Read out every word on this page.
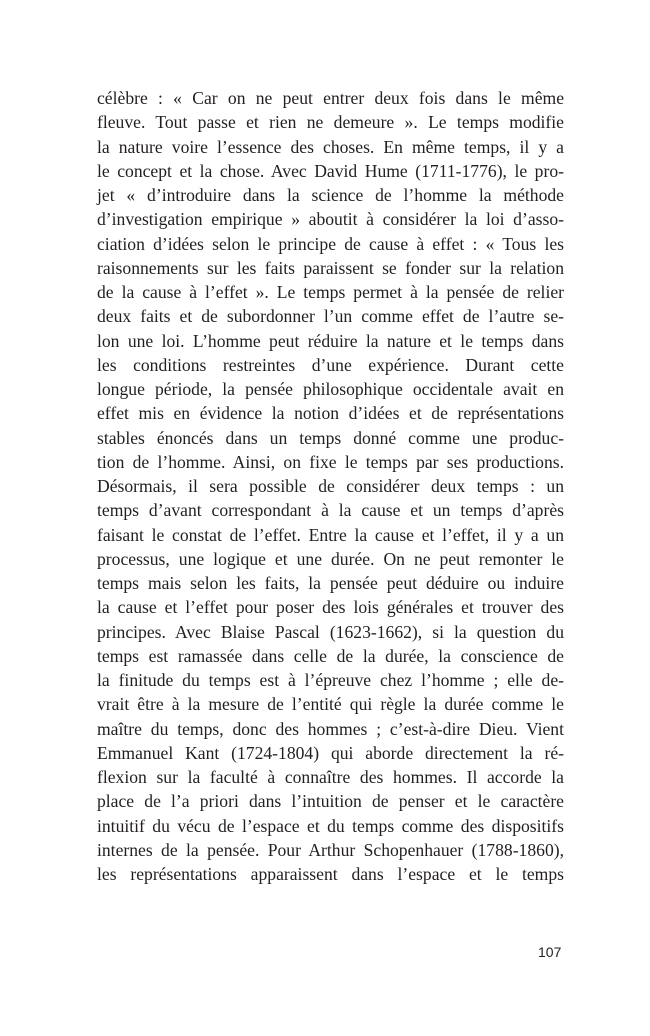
célèbre : « Car on ne peut entrer deux fois dans le même
fleuve. Tout passe et rien ne demeure ». Le temps modifie
la nature voire l’essence des choses. En même temps, il y a
le concept et la chose. Avec David Hume (1711-1776), le pro-
jet « d’introduire dans la science de l’homme la méthode
d’investigation empirique » aboutit à considérer la loi d’asso-
ciation d’idées selon le principe de cause à effet : « Tous les
raisonnements sur les faits paraissent se fonder sur la relation
de la cause à l’effet ». Le temps permet à la pensée de relier
deux faits et de subordonner l’un comme effet de l’autre se-
lon une loi. L’homme peut réduire la nature et le temps dans
les conditions restreintes d’une expérience. Durant cette
longue période, la pensée philosophique occidentale avait en
effet mis en évidence la notion d’idées et de représentations
stables énoncés dans un temps donné comme une produc-
tion de l’homme. Ainsi, on fixe le temps par ses productions.
Désormais, il sera possible de considérer deux temps : un
temps d’avant correspondant à la cause et un temps d’après
faisant le constat de l’effet. Entre la cause et l’effet, il y a un
processus, une logique et une durée. On ne peut remonter le
temps mais selon les faits, la pensée peut déduire ou induire
la cause et l’effet pour poser des lois générales et trouver des
principes. Avec Blaise Pascal (1623-1662), si la question du
temps est ramassée dans celle de la durée, la conscience de
la finitude du temps est à l’épreuve chez l’homme ; elle de-
vrait être à la mesure de l’entité qui règle la durée comme le
maître du temps, donc des hommes ; c’est-à-dire Dieu. Vient
Emmanuel Kant (1724-1804) qui aborde directement la ré-
flexion sur la faculté à connaître des hommes. Il accorde la
place de l’a priori dans l’intuition de penser et le caractère
intuitif du vécu de l’espace et du temps comme des dispositifs
internes de la pensée. Pour Arthur Schopenhauer (1788-1860),
les représentations apparaissent dans l’espace et le temps
107
